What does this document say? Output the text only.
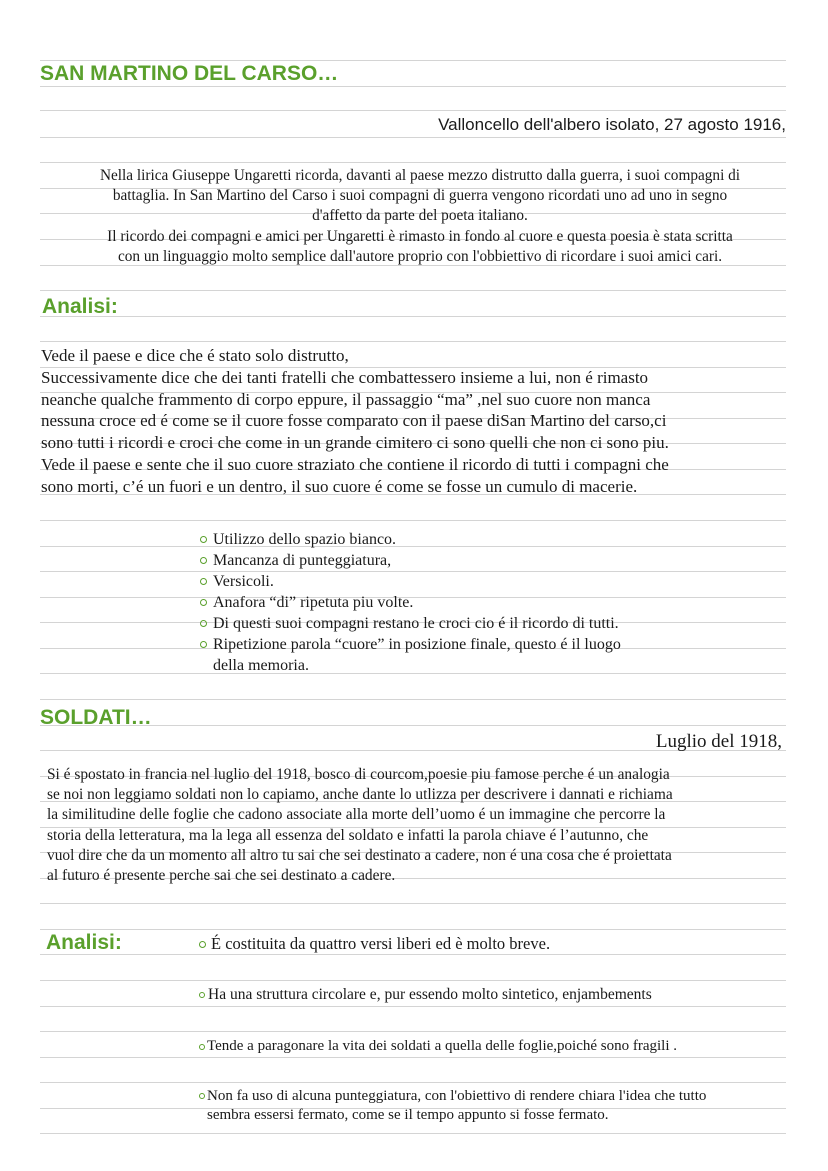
SAN MARTINO DEL CARSO…
Valloncello dell'albero isolato, 27 agosto 1916,
Nella lirica Giuseppe Ungaretti ricorda, davanti al paese mezzo distrutto dalla guerra, i suoi compagni di
battaglia. In San Martino del Carso i suoi compagni di guerra vengono ricordati uno ad uno in segno
d'affetto da parte del poeta italiano.
Il ricordo dei compagni e amici per Ungaretti è rimasto in fondo al cuore e questa poesia è stata scritta
con un linguaggio molto semplice dall'autore proprio con l'obbiettivo di ricordare i suoi amici cari.
Analisi:
Vede il paese e dice che é stato solo distrutto,
Successivamente dice che dei tanti fratelli che combattessero insieme a lui, non é rimasto
neanche qualche frammento di corpo eppure, il passaggio “ma” ,nel suo cuore non manca
nessuna croce ed é come se il cuore fosse comparato con il paese diSan Martino del carso,ci
sono tutti i ricordi e croci che come in un grande cimitero ci sono quelli che non ci sono piu.
Vede il paese e sente che il suo cuore straziato che contiene il ricordo di tutti i compagni che
sono morti, c’é un fuori e un dentro, il suo cuore é come se fosse un cumulo di macerie.
Utilizzo dello spazio bianco.
Mancanza di punteggiatura,
Versicoli.
Anafora “di” ripetuta piu volte.
Di questi suoi compagni restano le croci cio é il ricordo di tutti.
Ripetizione parola “cuore” in posizione finale, questo é il luogo
della memoria.
SOLDATI…
Luglio del 1918,
Si é spostato in francia nel luglio del 1918, bosco di courcom,poesie piu famose perche é un analogia
se noi non leggiamo soldati non lo capiamo, anche dante lo utlizza per descrivere i dannati e richiama
la similitudine delle foglie che cadono associate alla morte dell’uomo é un immagine che percorre la
storia della letteratura, ma la lega all essenza del soldato e infatti la parola chiave é l’autunno, che
vuol dire che da un momento all altro tu sai che sei destinato a cadere, non é una cosa che é proiettata
al futuro é presente perche sai che sei destinato a cadere.
Analisi:	É costituita da quattro versi liberi ed è molto breve.
Ha una struttura circolare e, pur essendo molto sintetico, enjambements
Tende a paragonare la vita dei soldati a quella delle foglie,poiché sono fragili .
Non fa uso di alcuna punteggiatura, con l'obiettivo di rendere chiara l'idea che tutto
sembra essersi fermato, come se il tempo appunto si fosse fermato.
